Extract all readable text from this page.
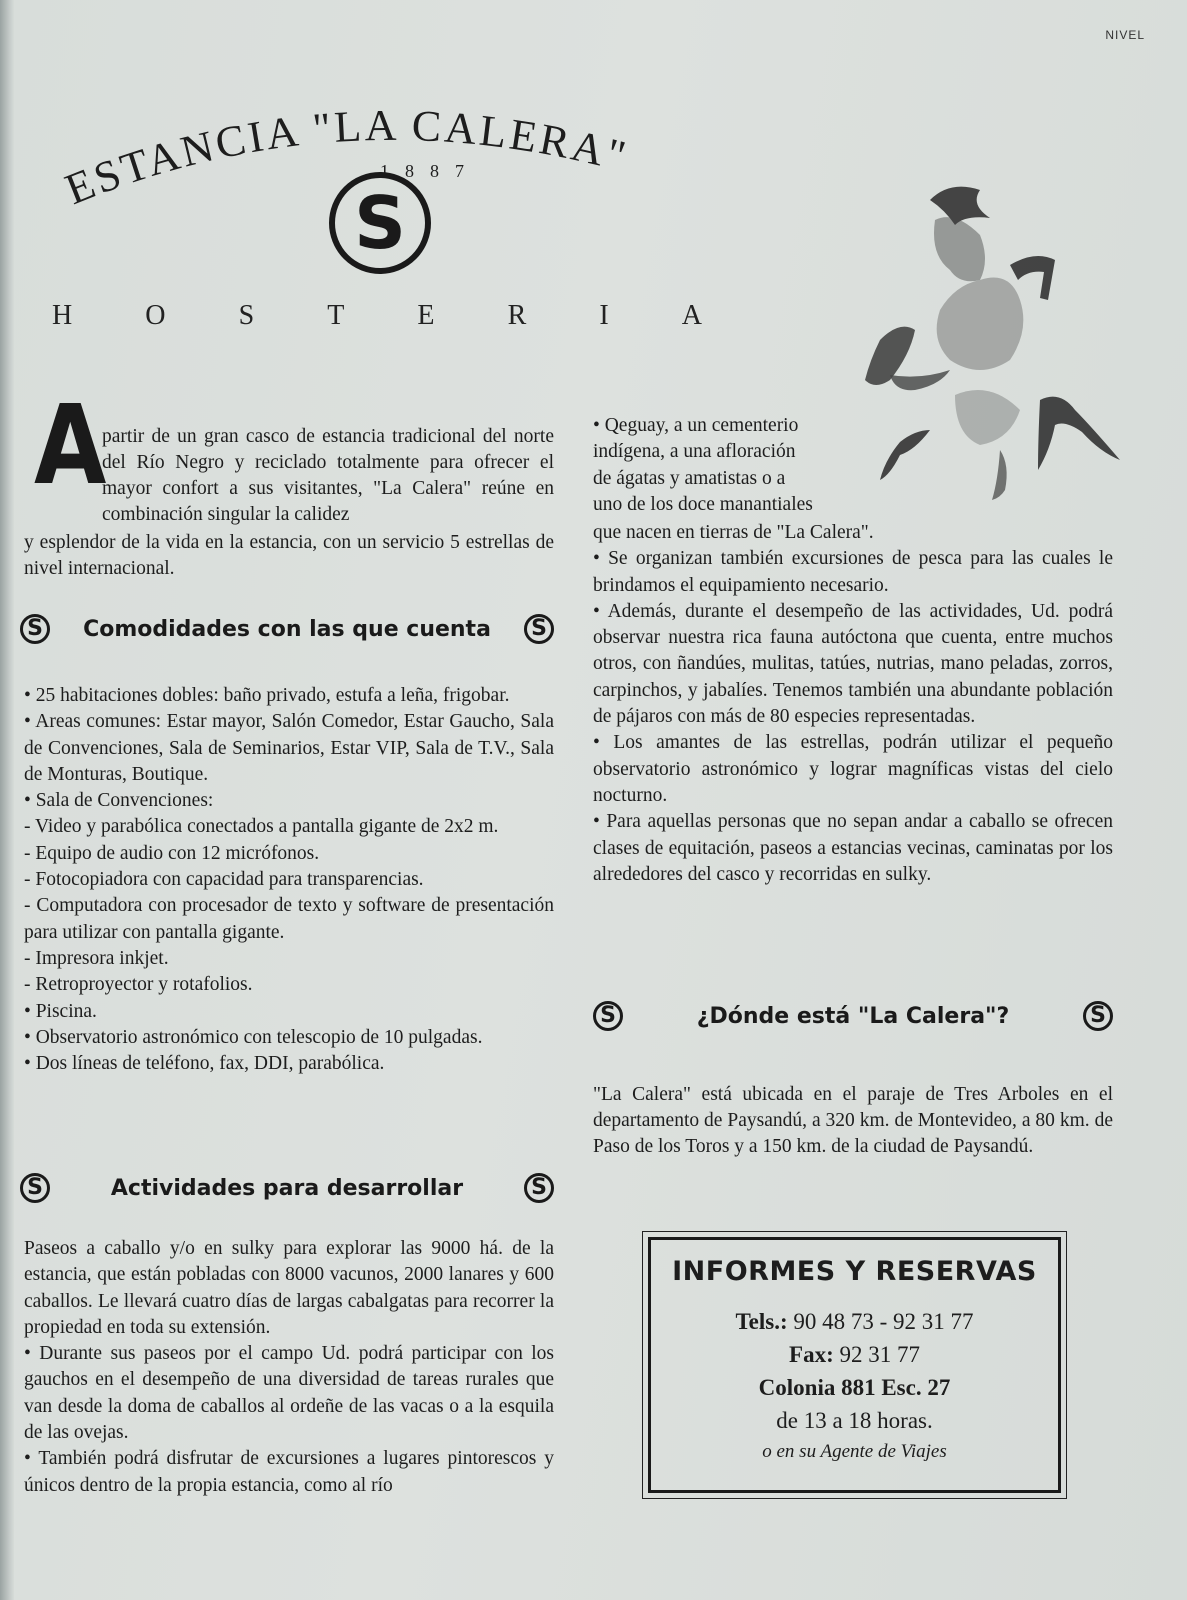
NIVEL
ESTANCIA "LA CALERA"
1887
S
H	O	S	T	E	R	I	A
A

partir de un gran casco de estancia tradicional del norte del Río Negro y reciclado totalmente para ofrecer el mayor confort a sus visitantes, "La Calera" reúne en combinación singular la calidez

y esplendor de la vida en la estancia, con un servicio 5 estrellas de nivel internacional.

S	Comodidades con las que cuenta	S

• 25 habitaciones dobles: baño privado, estufa a leña, frigobar.

• Areas comunes: Estar mayor, Salón Comedor, Estar Gaucho, Sala de Convenciones, Sala de Seminarios, Estar VIP, Sala de T.V., Sala de Monturas, Boutique.

• Sala de Convenciones:

- Video y parabólica conectados a pantalla gigante de 2x2 m.

- Equipo de audio con 12 micrófonos.

- Fotocopiadora con capacidad para transparencias.

- Computadora con procesador de texto y software de presentación para utilizar con pantalla gigante.

- Impresora inkjet.

- Retroproyector y rotafolios.

• Piscina.

• Observatorio astronómico con telescopio de 10 pulgadas.

• Dos líneas de teléfono, fax, DDI, parabólica.

S	Actividades para desarrollar	S

Paseos a caballo y/o en sulky para explorar las 9000 há. de la estancia, que están pobladas con 8000 vacunos, 2000 lanares y 600 caballos. Le llevará cuatro días de largas cabalgatas para recorrer la propiedad en toda su extensión.

• Durante sus paseos por el campo Ud. podrá participar con los gauchos en el desempeño de una diversidad de tareas rurales que van desde la doma de caballos al ordeñe de las vacas o a la esquila de las ovejas.

• También podrá disfrutar de excursiones a lugares pintorescos y únicos dentro de la propia estancia, como al río

• Qeguay, a un cementerio

indígena, a una afloración

de ágatas y amatistas o a

uno de los doce manantiales

que nacen en tierras de "La Calera".

• Se organizan también excursiones de pesca para las cuales le brindamos el equipamiento necesario.

• Además, durante el desempeño de las actividades, Ud. podrá observar nuestra rica fauna autóctona que cuenta, entre muchos otros, con ñandúes, mulitas, tatúes, nutrias, mano peladas, zorros, carpinchos, y jabalíes. Tenemos también una abundante población de pájaros con más de 80 especies representadas.

• Los amantes de las estrellas, podrán utilizar el pequeño observatorio astronómico y lograr magníficas vistas del cielo nocturno.

• Para aquellas personas que no sepan andar a caballo se ofrecen clases de equitación, paseos a estancias vecinas, caminatas por los alrededores del casco y recorridas en sulky.

S	¿Dónde está "La Calera"?	S

"La Calera" está ubicada en el paraje de Tres Arboles en el departamento de Paysandú, a 320 km. de Montevideo, a 80 km. de Paso de los Toros y a 150 km. de la ciudad de Paysandú.

INFORMES Y RESERVAS
Tels.: 90 48 73 - 92 31 77
Fax: 92 31 77
Colonia 881 Esc. 27
de 13 a 18 horas.
o en su Agente de Viajes
